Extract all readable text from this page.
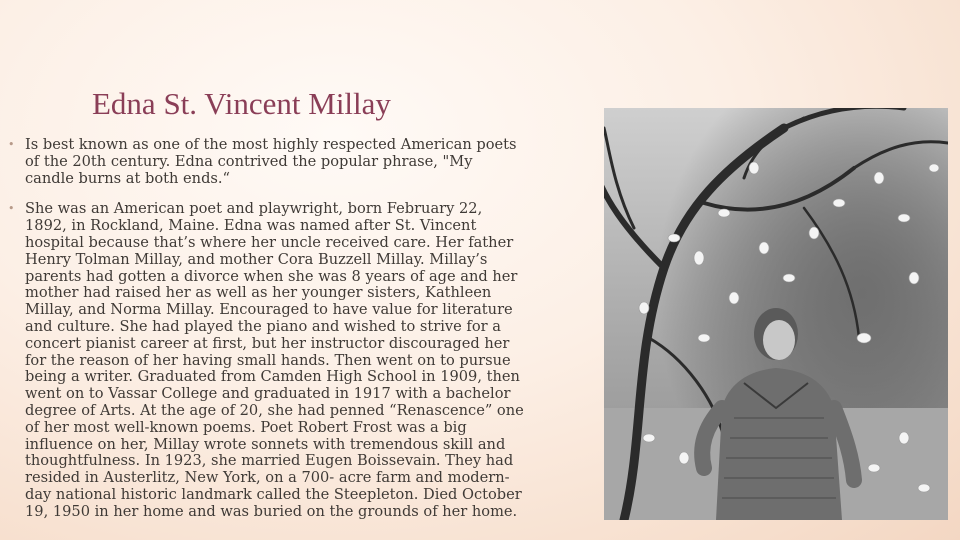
Edna St. Vincent Millay
• Is best known as one of the most highly respected American poets
of the 20th century. Edna contrived the popular phrase, "My
candle burns at both ends.“
• She was an American poet and playwright, born February 22,
1892, in Rockland, Maine. Edna was named after St. Vincent
hospital because that’s where her uncle received care. Her father
Henry Tolman Millay, and mother Cora Buzzell Millay. Millay’s
parents had gotten a divorce when she was 8 years of age and her
mother had raised her as well as her younger sisters, Kathleen
Millay, and Norma Millay. Encouraged to have value for literature
and culture. She had played the piano and wished to strive for a
concert pianist career at first, but her instructor discouraged her
for the reason of her having small hands. Then went on to pursue
being a writer. Graduated from Camden High School in 1909, then
went on to Vassar College and graduated in 1917 with a bachelor
degree of Arts. At the age of 20, she had penned “Renascence” one
of her most well-known poems. Poet Robert Frost was a big
influence on her, Millay wrote sonnets with tremendous skill and
thoughtfulness. In 1923, she married Eugen Boissevain. They had
resided in Austerlitz, New York, on a 700- acre farm and modern-
day national historic landmark called the Steepleton. Died October
19, 1950 in her home and was buried on the grounds of her home.
